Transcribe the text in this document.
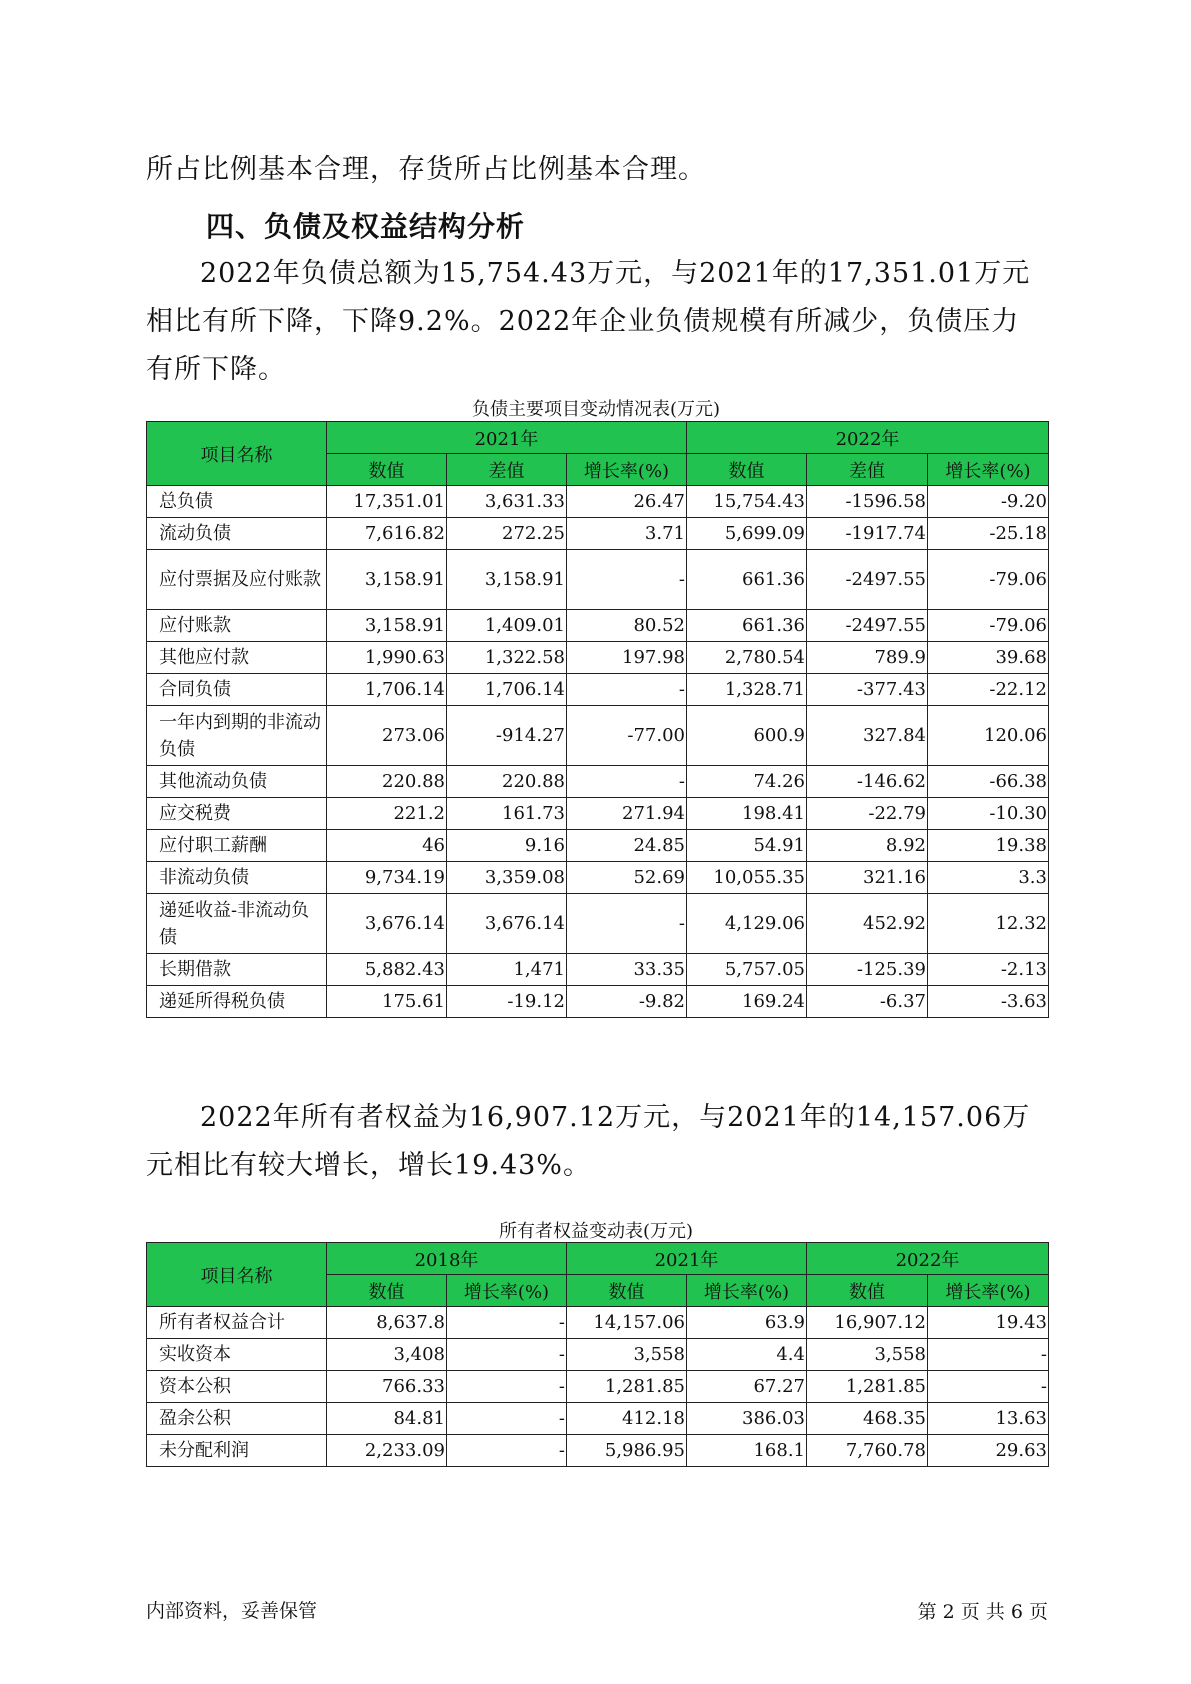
所占比例基本合理，存货所占比例基本合理。

四、负债及权益结构分析

2022年负债总额为15,754.43万元，与2021年的17,351.01万元相比有所下降，下降9.2%。2022年企业负债规模有所减少，负债压力有所下降。

负债主要项目变动情况表(万元)
项目名称	2021年			2022年		
	数值	差值	增长率(%)	数值	差值	增长率(%)
总负债	17,351.01	3,631.33	26.47	15,754.43	-1596.58	-9.20
流动负债	7,616.82	272.25	3.71	5,699.09	-1917.74	-25.18
应付票据及应付账款	3,158.91	3,158.91	-	661.36	-2497.55	-79.06
应付账款	3,158.91	1,409.01	80.52	661.36	-2497.55	-79.06
其他应付款	1,990.63	1,322.58	197.98	2,780.54	789.9	39.68
合同负债	1,706.14	1,706.14	-	1,328.71	-377.43	-22.12
一年内到期的非流动负债	273.06	-914.27	-77.00	600.9	327.84	120.06
其他流动负债	220.88	220.88	-	74.26	-146.62	-66.38
应交税费	221.2	161.73	271.94	198.41	-22.79	-10.30
应付职工薪酬	46	9.16	24.85	54.91	8.92	19.38
非流动负债	9,734.19	3,359.08	52.69	10,055.35	321.16	3.3
递延收益-非流动负债	3,676.14	3,676.14	-	4,129.06	452.92	12.32
长期借款	5,882.43	1,471	33.35	5,757.05	-125.39	-2.13
递延所得税负债	175.61	-19.12	-9.82	169.24	-6.37	-3.63

2022年所有者权益为16,907.12万元，与2021年的14,157.06万元相比有较大增长，增长19.43%。

所有者权益变动表(万元)
项目名称	2018年		2021年		2022年	
	数值	增长率(%)	数值	增长率(%)	数值	增长率(%)
所有者权益合计	8,637.8	-	14,157.06	63.9	16,907.12	19.43
实收资本	3,408	-	3,558	4.4	3,558	-
资本公积	766.33	-	1,281.85	67.27	1,281.85	-
盈余公积	84.81	-	412.18	386.03	468.35	13.63
未分配利润	2,233.09	-	5,986.95	168.1	7,760.78	29.63
内部资料，妥善保管	第 2 页 共 6 页
